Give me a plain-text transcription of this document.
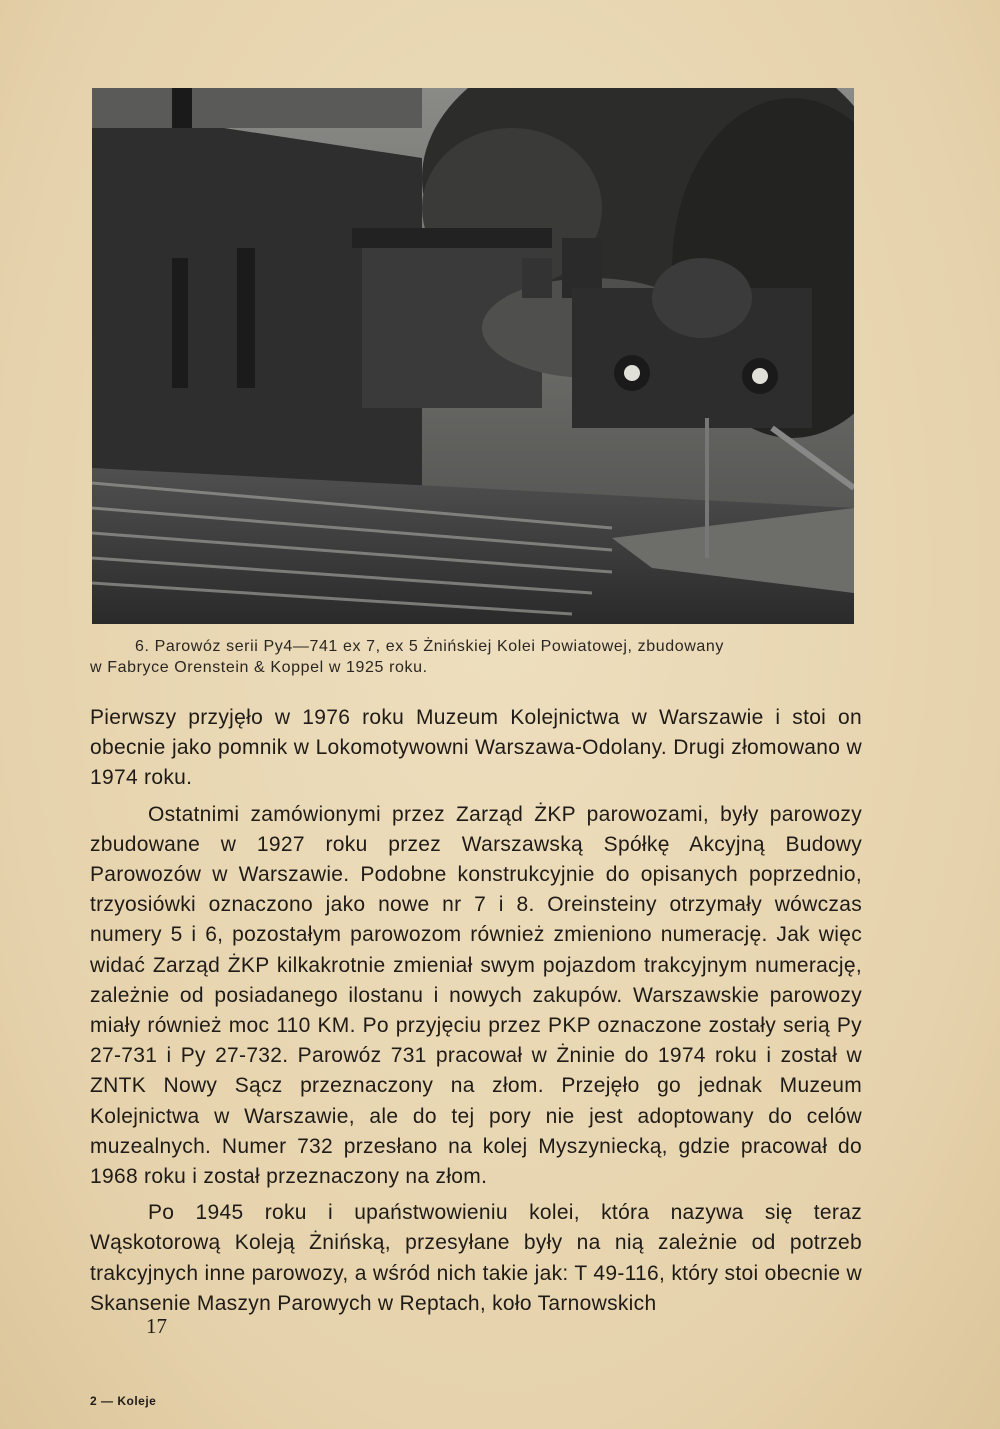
6. Parowóz serii Py4—741 ex 7, ex 5 Żnińskiej Kolei Powiatowej, zbudowany
w Fabryce Orenstein & Koppel w 1925 roku.

Pierwszy przyjęło w 1976 roku Muzeum Kolejnictwa w Warszawie i stoi on obecnie jako pomnik w Lokomotywowni Warszawa-Odolany. Drugi złomowano w 1974 roku.

Ostatnimi zamówionymi przez Zarząd ŻKP parowozami, były parowozy zbudowane w 1927 roku przez Warszawską Spółkę Akcyjną Budowy Parowozów w Warszawie. Podobne konstrukcyjnie do opisanych poprzednio, trzyosiówki oznaczono jako nowe nr 7 i 8. Oreinsteiny otrzymały wówczas numery 5 i 6, pozostałym parowozom również zmieniono numerację. Jak więc widać Zarząd ŻKP kilkakrotnie zmieniał swym pojazdom trakcyjnym numerację, zależnie od posiadanego ilostanu i nowych zakupów. Warszawskie parowozy miały również moc 110 KM. Po przyjęciu przez PKP oznaczone zostały serią Py 27-731 i Py 27-732. Parowóz 731 pracował w Żninie do 1974 roku i został w ZNTK Nowy Sącz przeznaczony na złom. Przejęło go jednak Muzeum Kolejnictwa w Warszawie, ale do tej pory nie jest adoptowany do celów muzealnych. Numer 732 przesłano na kolej Myszyniecką, gdzie pracował do 1968 roku i został przeznaczony na złom.

Po 1945 roku i upaństwowieniu kolei, która nazywa się teraz Wąskotorową Koleją Żnińską, przesyłane były na nią zależnie od potrzeb trakcyjnych inne parowozy, a wśród nich takie jak: T 49-116, który stoi obecnie w Skansenie Maszyn Parowych w Reptach, koło Tarnowskich

17
2 — Koleje
